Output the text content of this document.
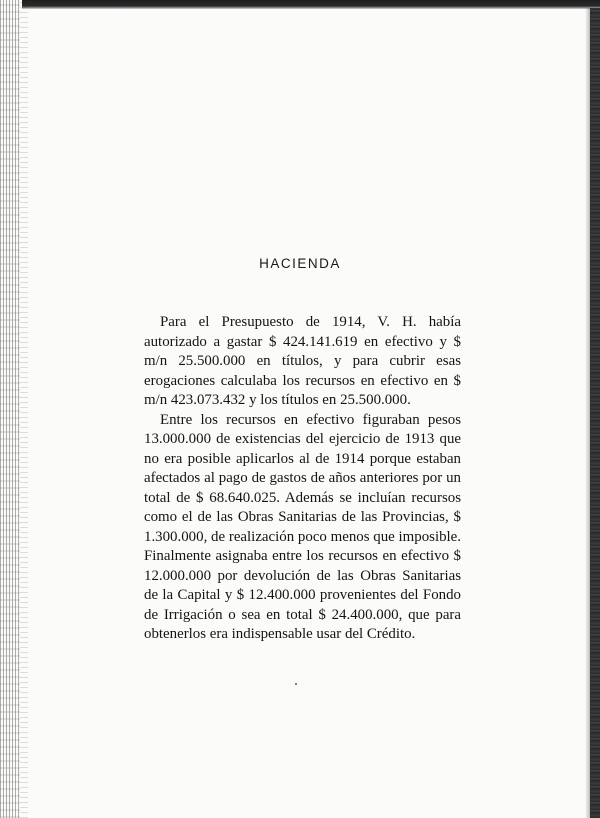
HACIENDA

Para el Presupuesto de 1914, V. H. había autorizado a gastar $ 424.141.619 en efectivo y $ m/n 25.500.000 en títulos, y para cubrir esas erogaciones calculaba los recursos en efectivo en $ m/n 423.073.432 y los títulos en 25.500.000.

Entre los recursos en efectivo figuraban pesos 13.000.000 de existencias del ejercicio de 1913 que no era posible aplicarlos al de 1914 porque estaban afectados al pago de gastos de años anteriores por un total de $ 68.640.025. Además se incluían recursos como el de las Obras Sanitarias de las Provincias, $ 1.300.000, de realización poco menos que imposible. Finalmente asignaba entre los recursos en efectivo $ 12.000.000 por devolución de las Obras Sanitarias de la Capital y $ 12.400.000 provenientes del Fondo de Irrigación o sea en total $ 24.400.000, que para obtenerlos era indispensable usar del Crédito.
